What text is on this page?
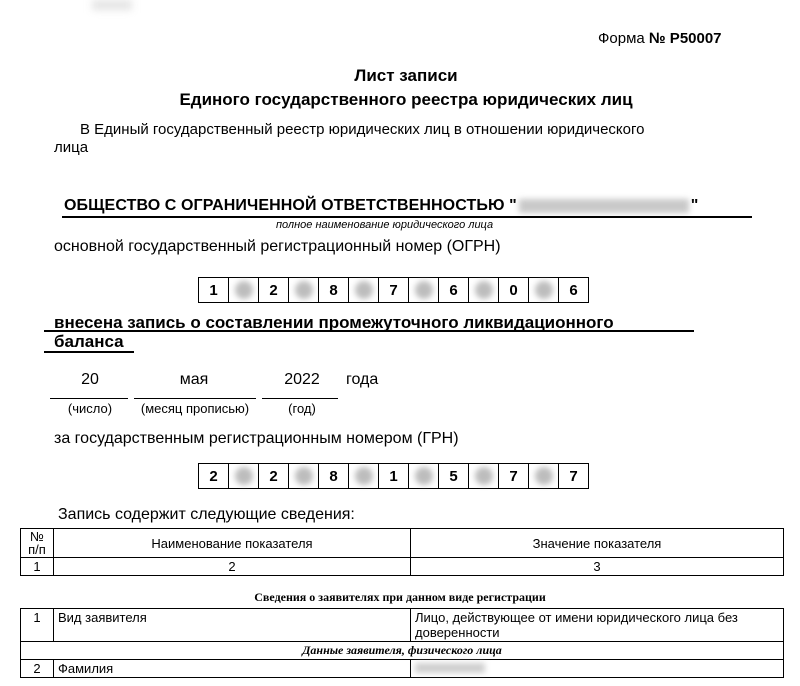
Форма № Р50007
Лист записи
Единого государственного реестра юридических лиц
В Единый государственный реестр юридических лиц в отношении юридического
лица
ОБЩЕСТВО С ОГРАНИЧЕННОЙ ОТВЕТСТВЕННОСТЬЮ "	"
полное наименование юридического лица
основной государственный регистрационный номер (ОГРН)
1	2	8	7	6	0	6
внесена запись о составлении промежуточного ликвидационного
баланса
20	мая	2022	года
(число)	(месяц прописью)	(год)
за государственным регистрационным номером (ГРН)
2	2	8	1	5	7	7
Запись содержит следующие сведения:
№ п/п	Наименование показателя	Значение показателя
1	2	3
Сведения о заявителях при данном виде регистрации
1	Вид заявителя	Лицо, действующее от имени юридического лица без доверенности
Данные заявителя, физического лица		
2	Фамилия	
